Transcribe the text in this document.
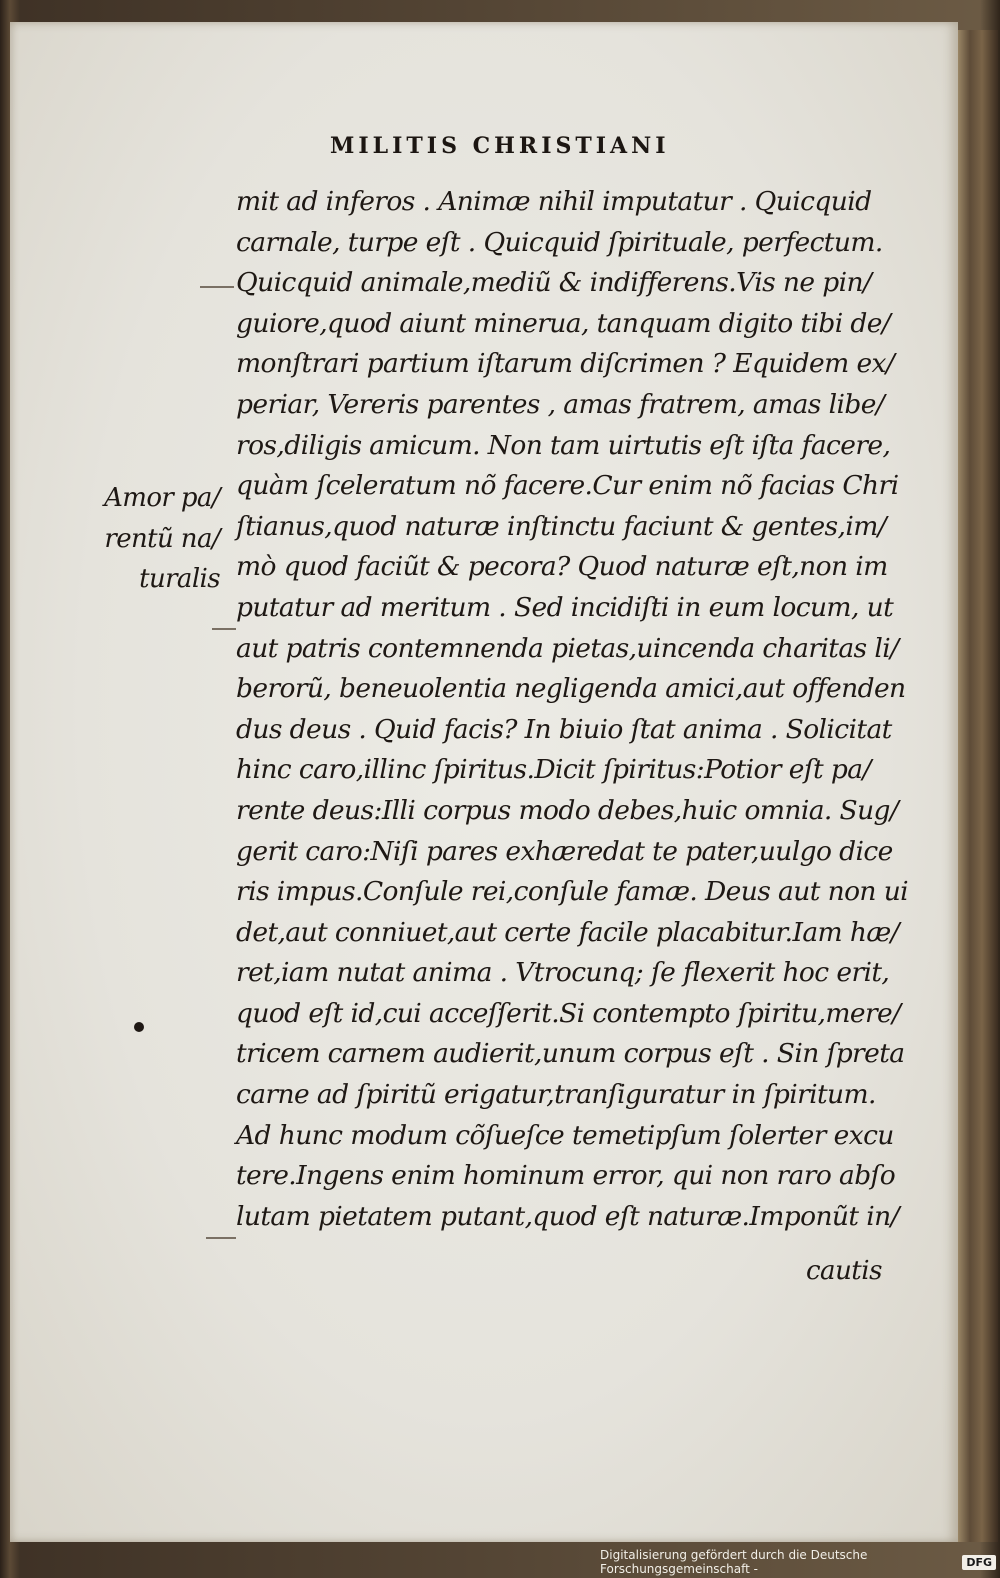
MILITIS CHRISTIANI
Amor pa/
rentũ na/
turalis
mit ad inferos . Animæ nihil imputatur . Quicquid
carnale, turpe eſt . Quicquid ſpirituale, perfectum.
Quicquid animale,mediũ & indifferens.Vis ne pin/
guiore,quod aiunt minerua, tanquam digito tibi de/
monſtrari partium iſtarum diſcrimen ? Equidem ex/
periar, Vereris parentes , amas fratrem, amas libe/
ros,diligis amicum. Non tam uirtutis eſt iſta facere,
quàm ſceleratum nõ facere.Cur enim nõ facias Chri
ſtianus,quod naturæ inſtinctu faciunt & gentes,im/
mò quod faciũt & pecora? Quod naturæ eſt,non im
putatur ad meritum . Sed incidiſti in eum locum, ut
aut patris contemnenda pietas,uincenda charitas li/
berorũ, beneuolentia negligenda amici,aut offenden
dus deus . Quid facis? In biuio ſtat anima . Solicitat
hinc caro,illinc ſpiritus.Dicit ſpiritus:Potior eſt pa/
rente deus:Illi corpus modo debes,huic omnia. Sug/
gerit caro:Niſi pares exhæredat te pater,uulgo dice
ris impus.Conſule rei,conſule famæ. Deus aut non ui
det,aut conniuet,aut certe facile placabitur.Iam hæ/
ret,iam nutat anima . Vtrocunq; ſe flexerit hoc erit,
quod eſt id,cui acceſſerit.Si contempto ſpiritu,mere/
tricem carnem audierit,unum corpus eſt . Sin ſpreta
carne ad ſpiritũ erigatur,tranſiguratur in ſpiritum.
Ad hunc modum cõſueſce temetipſum ſolerter excu
tere.Ingens enim hominum error, qui non raro abſo
lutam pietatem putant,quod eſt naturæ.Imponũt in/
cautis
Digitalisierung gefördert durch die Deutsche Forschungsgemeinschaft -	DFG
